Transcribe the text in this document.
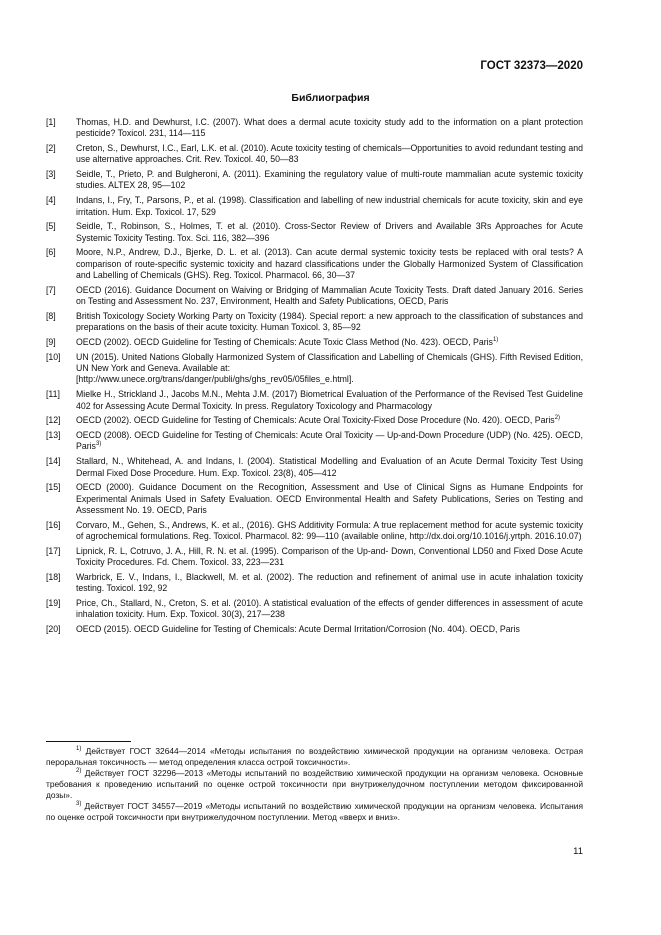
ГОСТ 32373—2020
Библиография
[1]	Thomas, H.D. and Dewhurst, I.C. (2007). What does a dermal acute toxicity study add to the information on a plant protection pesticide? Toxicol. 231, 114—115
[2]	Creton, S., Dewhurst, I.C., Earl, L.K. et al. (2010). Acute toxicity testing of chemicals—Opportunities to avoid redundant testing and use alternative approaches. Crit. Rev. Toxicol. 40, 50—83
[3]	Seidle, T., Prieto, P. and Bulgheroni, A. (2011). Examining the regulatory value of multi-route mammalian acute systemic toxicity studies. ALTEX 28, 95—102
[4]	Indans, I., Fry, T., Parsons, P., et al. (1998). Classification and labelling of new industrial chemicals for acute toxicity, skin and eye irritation. Hum. Exp. Toxicol. 17, 529
[5]	Seidle, T., Robinson, S., Holmes, T. et al. (2010). Cross-Sector Review of Drivers and Available 3Rs Approaches for Acute Systemic Toxicity Testing. Tox. Sci. 116, 382—396
[6]	Moore, N.P., Andrew, D.J., Bjerke, D. L. et al. (2013). Can acute dermal systemic toxicity tests be replaced with oral tests? A comparison of route-specific systemic toxicity and hazard classifications under the Globally Harmonized System of Classification and Labelling of Chemicals (GHS). Reg. Toxicol. Pharmacol. 66, 30—37
[7]	OECD (2016). Guidance Document on Waiving or Bridging of Mammalian Acute Toxicity Tests. Draft dated January 2016. Series on Testing and Assessment No. 237, Environment, Health and Safety Publications, OECD, Paris
[8]	British Toxicology Society Working Party on Toxicity (1984). Special report: a new approach to the classification of substances and preparations on the basis of their acute toxicity. Human Toxicol. 3, 85—92
[9]	OECD (2002). OECD Guideline for Testing of Chemicals: Acute Toxic Class Method (No. 423). OECD, Paris$^{1)}$
[10]	UN (2015). United Nations Globally Harmonized System of Classification and Labelling of Chemicals (GHS). Fifth Revised Edition, UN New York and Geneva. Available at:
[http://www.unece.org/trans/danger/publi/ghs/ghs_rev05/05files_e.html].
[11]	Mielke H., Strickland J., Jacobs M.N., Mehta J.M. (2017) Biometrical Evaluation of the Performance of the Revised Test Guideline 402 for Assessing Acute Dermal Toxicity. In press. Regulatory Toxicology and Pharmacology
[12]	OECD (2002). OECD Guideline for Testing of Chemicals: Acute Oral Toxicity-Fixed Dose Procedure (No. 420). OECD, Paris$^{2)}$
[13]	OECD (2008). OECD Guideline for Testing of Chemicals: Acute Oral Toxicity — Up-and-Down Procedure (UDP) (No. 425). OECD, Paris$^{3)}$
[14]	Stallard, N., Whitehead, A. and Indans, I. (2004). Statistical Modelling and Evaluation of an Acute Dermal Toxicity Test Using Dermal Fixed Dose Procedure. Hum. Exp. Toxicol. 23(8), 405—412
[15]	OECD (2000). Guidance Document on the Recognition, Assessment and Use of Clinical Signs as Humane Endpoints for Experimental Animals Used in Safety Evaluation. OECD Environmental Health and Safety Publications, Series on Testing and Assessment No. 19. OECD, Paris
[16]	Corvaro, M., Gehen, S., Andrews, K. et al., (2016). GHS Additivity Formula: A true replacement method for acute systemic toxicity of agrochemical formulations. Reg. Toxicol. Pharmacol. 82: 99—110 (available online, http://dx.doi.org/10.1016/j.yrtph. 2016.10.07)
[17]	Lipnick, R. L, Cotruvo, J. A., Hill, R. N. et al. (1995). Comparison of the Up-and- Down, Conventional LD50 and Fixed Dose Acute Toxicity Procedures. Fd. Chem. Toxicol. 33, 223—231
[18]	Warbrick, E. V., Indans, I., Blackwell, M. et al. (2002). The reduction and refinement of animal use in acute inhalation toxicity testing. Toxicol. 192, 92
[19]	Price, Ch., Stallard, N., Creton, S. et al. (2010). A statistical evaluation of the effects of gender differences in assessment of acute inhalation toxicity. Hum. Exp. Toxicol. 30(3), 217—238
[20]	OECD (2015). OECD Guideline for Testing of Chemicals: Acute Dermal Irritation/Corrosion (No. 404). OECD, Paris

$^{1)}$ Действует ГОСТ 32644—2014 «Методы испытания по воздействию химической продукции на организм человека. Острая пероральная токсичность — метод определения класса острой токсичности».

$^{2)}$ Действует ГОСТ 32296—2013 «Методы испытаний по воздействию химической продукции на организм человека. Основные требования к проведению испытаний по оценке острой токсичности при внутрижелудочном поступлении методом фиксированной дозы».

$^{3)}$ Действует ГОСТ 34557—2019 «Методы испытаний по воздействию химической продукции на организм человека. Испытания по оценке острой токсичности при внутрижелудочном поступлении. Метод «вверх и вниз».

11
